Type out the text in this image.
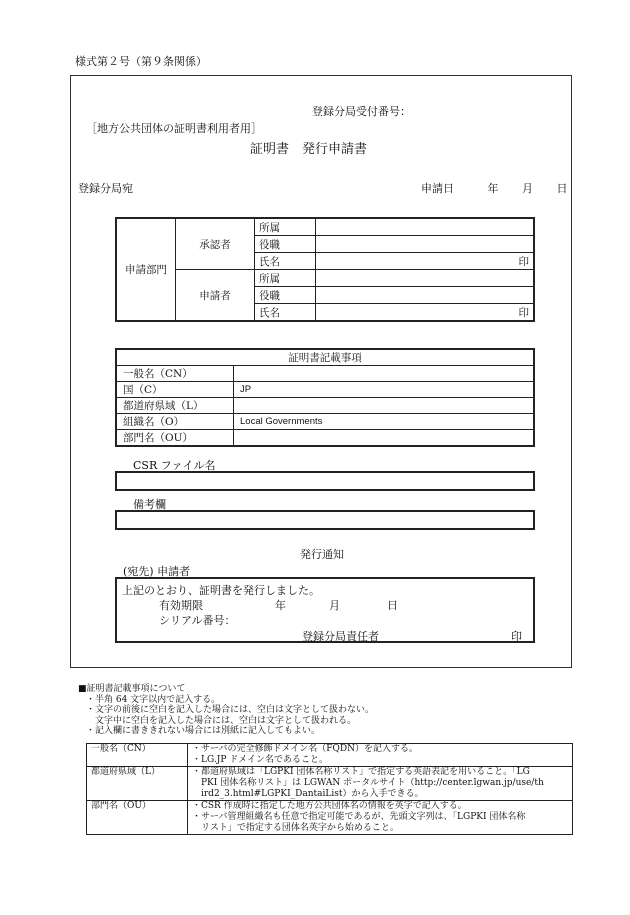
様式第２号（第９条関係）
登録分局受付番号：
［地方公共団体の証明書利用者用］
証明書　発行申請書
登録分局宛	申請日	年 月 日
申請部門	承認者	所属	
		役職	
		氏名	印
	申請者	所属	
		役職	
		氏名	印
証明書記載事項	
一般名（CN）	
国（C）	JP
都道府県域（L）	
組織名（O）	Local Governments
部門名（OU）	
CSR ファイル名
備考欄
発行通知
(宛先) 申請者
上記のとおり、証明書を発行しました。
有効期限	年	月	日
シリアル番号：
登録分局責任者	印
■証明書記載事項について
・半角 64 文字以内で記入する。
・文字の前後に空白を記入した場合には、空白は文字として扱わない。
　文字中に空白を記入した場合には、空白は文字として扱われる。
・記入欄に書ききれない場合には別紙に記入してもよい。
一般名（CN）	・サーバの完全修飾ドメイン名（FQDN）を記入する。
・LG.JP ドメイン名であること。

都道府県域（L）	・都道府県域は「LGPKI 団体名称リスト」で指定する英語表記を用いること。「LG
　PKI 団体名称リスト」は LGWAN ポータルサイト（http://center.lgwan.jp/use/th
　ird2_3.html#LGPKI_DantaiList）から入手できる。

部門名（OU）	・CSR 作成時に指定した地方公共団体名の情報を英字で記入する。
・サーバ管理組織名も任意で指定可能であるが、先頭文字列は、「LGPKI 団体名称
　リスト」で指定する団体名英字から始めること。
